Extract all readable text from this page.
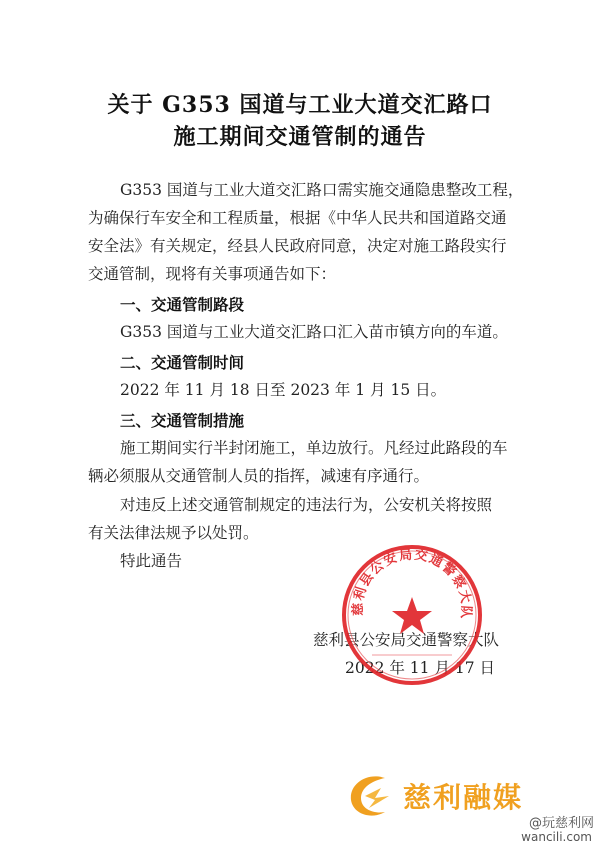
关于 G353 国道与工业大道交汇路口
施工期间交通管制的通告
G353 国道与工业大道交汇路口需实施交通隐患整改工程，
为确保行车安全和工程质量，根据《中华人民共和国道路交通
安全法》有关规定，经县人民政府同意，决定对施工路段实行
交通管制，现将有关事项通告如下：
一、交通管制路段
G353 国道与工业大道交汇路口汇入苗市镇方向的车道。
二、交通管制时间
2022 年 11 月 18 日至 2023 年 1 月 15 日。
三、交通管制措施
施工期间实行半封闭施工，单边放行。凡经过此路段的车
辆必须服从交通管制人员的指挥，减速有序通行。
对违反上述交通管制规定的违法行为，公安机关将按照
有关法律法规予以处罚。
特此通告
慈利县公安局交通警察大队
2022 年 11 月 17 日
慈利县公安局交通警察大队
慈利融媒
@玩慈利网
wancili.com
